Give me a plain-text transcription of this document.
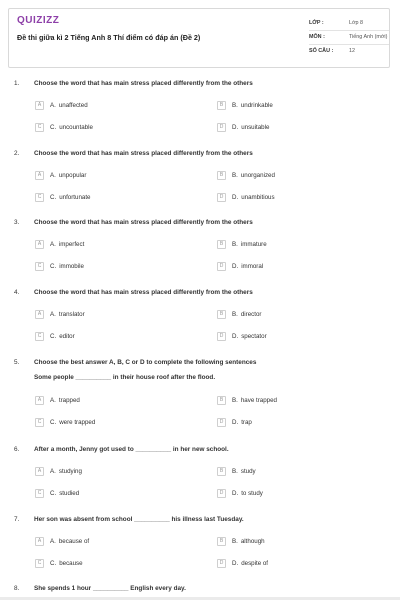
QUIZIZZ
Đề thi giữa kì 2 Tiếng Anh 8 Thí điểm có đáp án (Đề 2)
LỚP :	Lớp 8
MÔN :	Tiếng Anh (mới)
SỐ CÂU :	12
1. Choose the word that has main stress placed differently from the others
A	A. unaffected	B	B. undrinkable
C	C. uncountable	D	D. unsuitable
2. Choose the word that has main stress placed differently from the others
A	A. unpopular	B	B. unorganized
C	C. unfortunate	D	D. unambitious
3. Choose the word that has main stress placed differently from the others
A	A. imperfect	B	B. immature
C	C. immobile	D	D. immoral
4. Choose the word that has main stress placed differently from the others
A	A. translator	B	B. director
C	C. editor	D	D. spectator
5. Choose the best answer A, B, C or D to complete the following sentences
Some people __________ in their house roof after the flood.
A	A. trapped	B	B. have trapped
C	C. were trapped	D	D. trap
6. After a month, Jenny got used to __________ in her new school.
A	A. studying	B	B. study
C	C. studied	D	D. to study
7. Her son was absent from school __________ his illness last Tuesday.
A	A. because of	B	B. although
C	C. because	D	D. despite of
8. She spends 1 hour __________ English every day.
